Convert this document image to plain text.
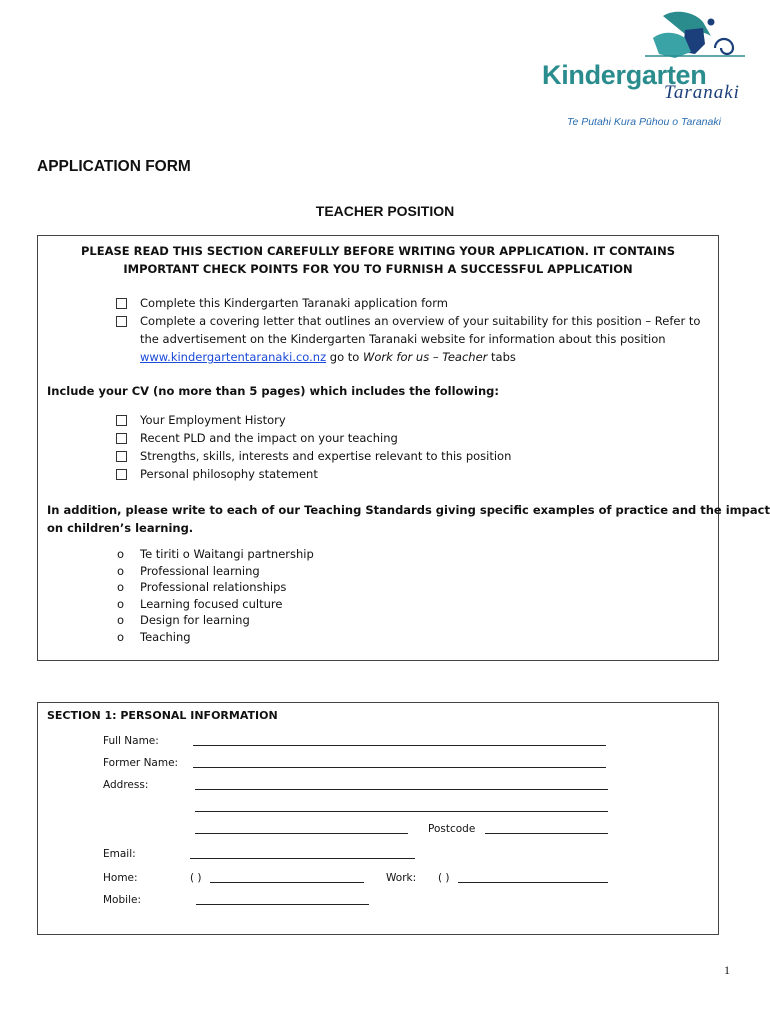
Kindergarten
Taranaki
Te Putahi Kura Pūhou o Taranaki
APPLICATION FORM
TEACHER POSITION
PLEASE READ THIS SECTION CAREFULLY BEFORE WRITING YOUR APPLICATION. IT CONTAINS
IMPORTANT CHECK POINTS FOR YOU TO FURNISH A SUCCESSFUL APPLICATION
Complete this Kindergarten Taranaki application form
Complete a covering letter that outlines an overview of your suitability for this position – Refer to
the advertisement on the Kindergarten Taranaki website for information about this position
www.kindergartentaranaki.co.nz go to Work for us – Teacher tabs
Include your CV (no more than 5 pages) which includes the following:
Your Employment History
Recent PLD and the impact on your teaching
Strengths, skills, interests and expertise relevant to this position
Personal philosophy statement
In addition, please write to each of our Teaching Standards giving specific examples of practice and the impact
on children’s learning.
o Te tiriti o Waitangi partnership
o Professional learning
o Professional relationships
o Learning focused culture
o Design for learning
o Teaching
SECTION 1: PERSONAL INFORMATION
Full Name:
Former Name:
Address:
Postcode
Email:
Home:	( )	Work: ( )
Mobile:
1
